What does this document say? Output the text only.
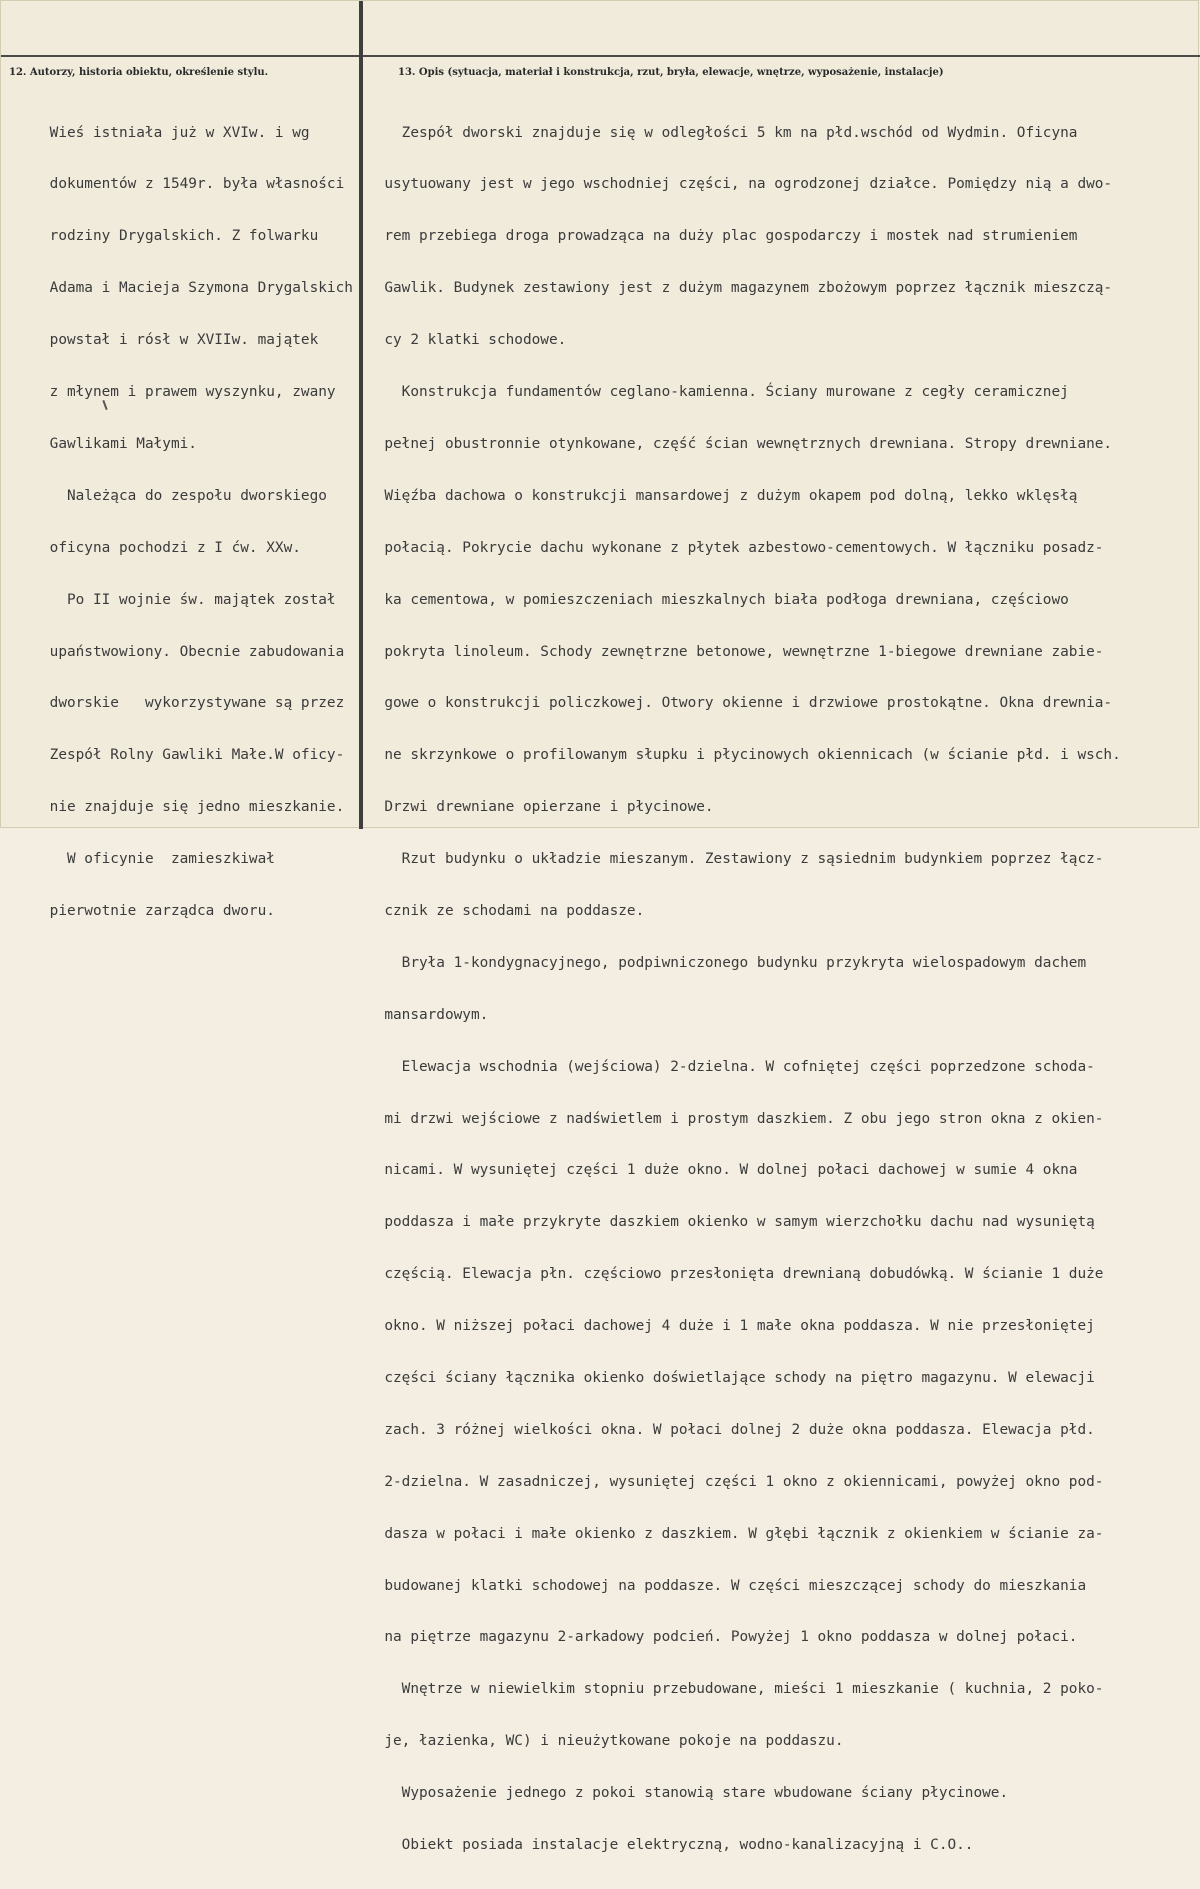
12. Autorzy, historia obiektu, określenie stylu.	13. Opis (sytuacja, materiał i konstrukcja, rzut, bryła, elewacje, wnętrze, wyposażenie, instalacje)

Wieś istniała już w XVIw. i wg

dokumentów z 1549r. była własności

rodziny Drygalskich. Z folwarku

Adama i Macieja Szymona Drygalskich

powstał i rósł w XVIIw. majątek

z młynem i prawem wyszynku, zwany

Gawlikami Małymi.

Należąca do zespołu dworskiego

oficyna pochodzi z I ćw. XXw.

Po II wojnie św. majątek został

upaństwowiony. Obecnie zabudowania

dworskie   wykorzystywane są przez

Zespół Rolny Gawliki Małe.W oficy-

nie znajduje się jedno mieszkanie.

W oficynie  zamieszkiwał

pierwotnie zarządca dworu.

Zespół dworski znajduje się w odległości 5 km na płd.wschód od Wydmin. Oficyna

usytuowany jest w jego wschodniej części, na ogrodzonej działce. Pomiędzy nią a dwo-

rem przebiega droga prowadząca na duży plac gospodarczy i mostek nad strumieniem

Gawlik. Budynek zestawiony jest z dużym magazynem zbożowym poprzez łącznik mieszczą-

cy 2 klatki schodowe.

Konstrukcja fundamentów ceglano-kamienna. Ściany murowane z cegły ceramicznej

pełnej obustronnie otynkowane, część ścian wewnętrznych drewniana. Stropy drewniane.

Więźba dachowa o konstrukcji mansardowej z dużym okapem pod dolną, lekko wklęsłą

połacią. Pokrycie dachu wykonane z płytek azbestowo-cementowych. W łączniku posadz-

ka cementowa, w pomieszczeniach mieszkalnych biała podłoga drewniana, częściowo

pokryta linoleum. Schody zewnętrzne betonowe, wewnętrzne 1-biegowe drewniane zabie-

gowe o konstrukcji policzkowej. Otwory okienne i drzwiowe prostokątne. Okna drewnia-

ne skrzynkowe o profilowanym słupku i płycinowych okiennicach (w ścianie płd. i wsch.

Drzwi drewniane opierzane i płycinowe.

Rzut budynku o układzie mieszanym. Zestawiony z sąsiednim budynkiem poprzez łącz-

cznik ze schodami na poddasze.

Bryła 1-kondygnacyjnego, podpiwniczonego budynku przykryta wielospadowym dachem

mansardowym.

Elewacja wschodnia (wejściowa) 2-dzielna. W cofniętej części poprzedzone schoda-

mi drzwi wejściowe z nadświetlem i prostym daszkiem. Z obu jego stron okna z okien-

nicami. W wysuniętej części 1 duże okno. W dolnej połaci dachowej w sumie 4 okna

poddasza i małe przykryte daszkiem okienko w samym wierzchołku dachu nad wysuniętą

częścią. Elewacja płn. częściowo przesłonięta drewnianą dobudówką. W ścianie 1 duże

okno. W niższej połaci dachowej 4 duże i 1 małe okna poddasza. W nie przesłoniętej

części ściany łącznika okienko doświetlające schody na piętro magazynu. W elewacji

zach. 3 różnej wielkości okna. W połaci dolnej 2 duże okna poddasza. Elewacja płd.

2-dzielna. W zasadniczej, wysuniętej części 1 okno z okiennicami, powyżej okno pod-

dasza w połaci i małe okienko z daszkiem. W głębi łącznik z okienkiem w ścianie za-

budowanej klatki schodowej na poddasze. W części mieszczącej schody do mieszkania

na piętrze magazynu 2-arkadowy podcień. Powyżej 1 okno poddasza w dolnej połaci.

Wnętrze w niewielkim stopniu przebudowane, mieści 1 mieszkanie ( kuchnia, 2 poko-

je, łazienka, WC) i nieużytkowane pokoje na poddaszu.

Wyposażenie jednego z pokoi stanowią stare wbudowane ściany płycinowe.

Obiekt posiada instalacje elektryczną, wodno-kanalizacyjną i C.O..
